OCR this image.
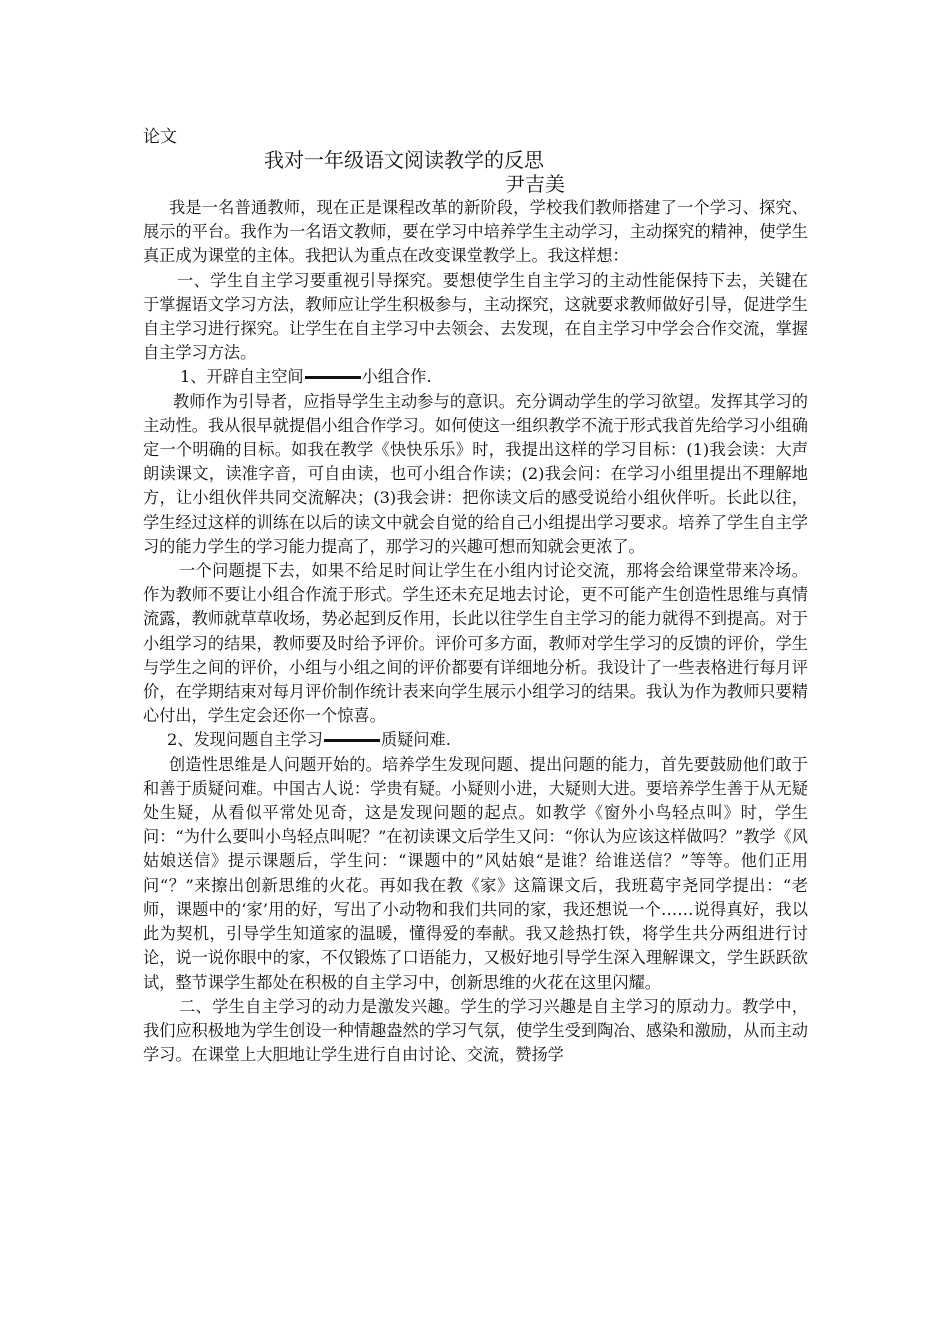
论文

我对一年级语文阅读教学的反思

尹吉美

我是一名普通教师，现在正是课程改革的新阶段，学校我们教师搭建了一个学习、探究、展示的平台。我作为一名语文教师，要在学习中培养学生主动学习，主动探究的精神，使学生真正成为课堂的主体。我把认为重点在改变课堂教学上。我这样想：

一、学生自主学习要重视引导探究。要想使学生自主学习的主动性能保持下去，关键在于掌握语文学习方法，教师应让学生积极参与，主动探究，这就要求教师做好引导，促进学生自主学习进行探究。让学生在自主学习中去领会、去发现，在自主学习中学会合作交流，掌握自主学习方法。

1、开辟自主空间	小组合作.

教师作为引导者，应指导学生主动参与的意识。充分调动学生的学习欲望。发挥其学习的主动性。我从很早就提倡小组合作学习。如何使这一组织教学不流于形式我首先给学习小组确定一个明确的目标。如我在教学《快快乐乐》时，我提出这样的学习目标：(1)我会读：大声朗读课文，读准字音，可自由读，也可小组合作读；(2)我会问：在学习小组里提出不理解地方，让小组伙伴共同交流解决；(3)我会讲：把你读文后的感受说给小组伙伴听。长此以往，学生经过这样的训练在以后的读文中就会自觉的给自己小组提出学习要求。培养了学生自主学习的能力学生的学习能力提高了，那学习的兴趣可想而知就会更浓了。

一个问题提下去，如果不给足时间让学生在小组内讨论交流，那将会给课堂带来冷场。作为教师不要让小组合作流于形式。学生还未充足地去讨论，更不可能产生创造性思维与真情流露，教师就草草收场，势必起到反作用，长此以往学生自主学习的能力就得不到提高。对于小组学习的结果，教师要及时给予评价。评价可多方面，教师对学生学习的反馈的评价，学生与学生之间的评价，小组与小组之间的评价都要有详细地分析。我设计了一些表格进行每月评价，在学期结束对每月评价制作统计表来向学生展示小组学习的结果。我认为作为教师只要精心付出，学生定会还你一个惊喜。

2、发现问题自主学习	质疑问难.

创造性思维是人问题开始的。培养学生发现问题、提出问题的能力，首先要鼓励他们敢于和善于质疑问难。中国古人说：学贵有疑。小疑则小进，大疑则大进。要培养学生善于从无疑处生疑，从看似平常处见奇，这是发现问题的起点。如教学《窗外小鸟轻点叫》时，学生问：“为什么要叫小鸟轻点叫呢？”在初读课文后学生又问：“你认为应该这样做吗？”教学《风姑娘送信》提示课题后，学生问：“课题中的”风姑娘“是谁？给谁送信？”等等。他们正用问“？”来擦出创新思维的火花。再如我在教《家》这篇课文后，我班葛宇尧同学提出：“老师，课题中的‘家’用的好，写出了小动物和我们共同的家，我还想说一个……说得真好，我以此为契机，引导学生知道家的温暖，懂得爱的奉献。我又趁热打铁，将学生共分两组进行讨论，说一说你眼中的家，不仅锻炼了口语能力，又极好地引导学生深入理解课文，学生跃跃欲试，整节课学生都处在积极的自主学习中，创新思维的火花在这里闪耀。

二、学生自主学习的动力是激发兴趣。学生的学习兴趣是自主学习的原动力。教学中，我们应积极地为学生创设一种情趣盎然的学习气氛，使学生受到陶冶、感染和激励，从而主动学习。在课堂上大胆地让学生进行自由讨论、交流，赞扬学
